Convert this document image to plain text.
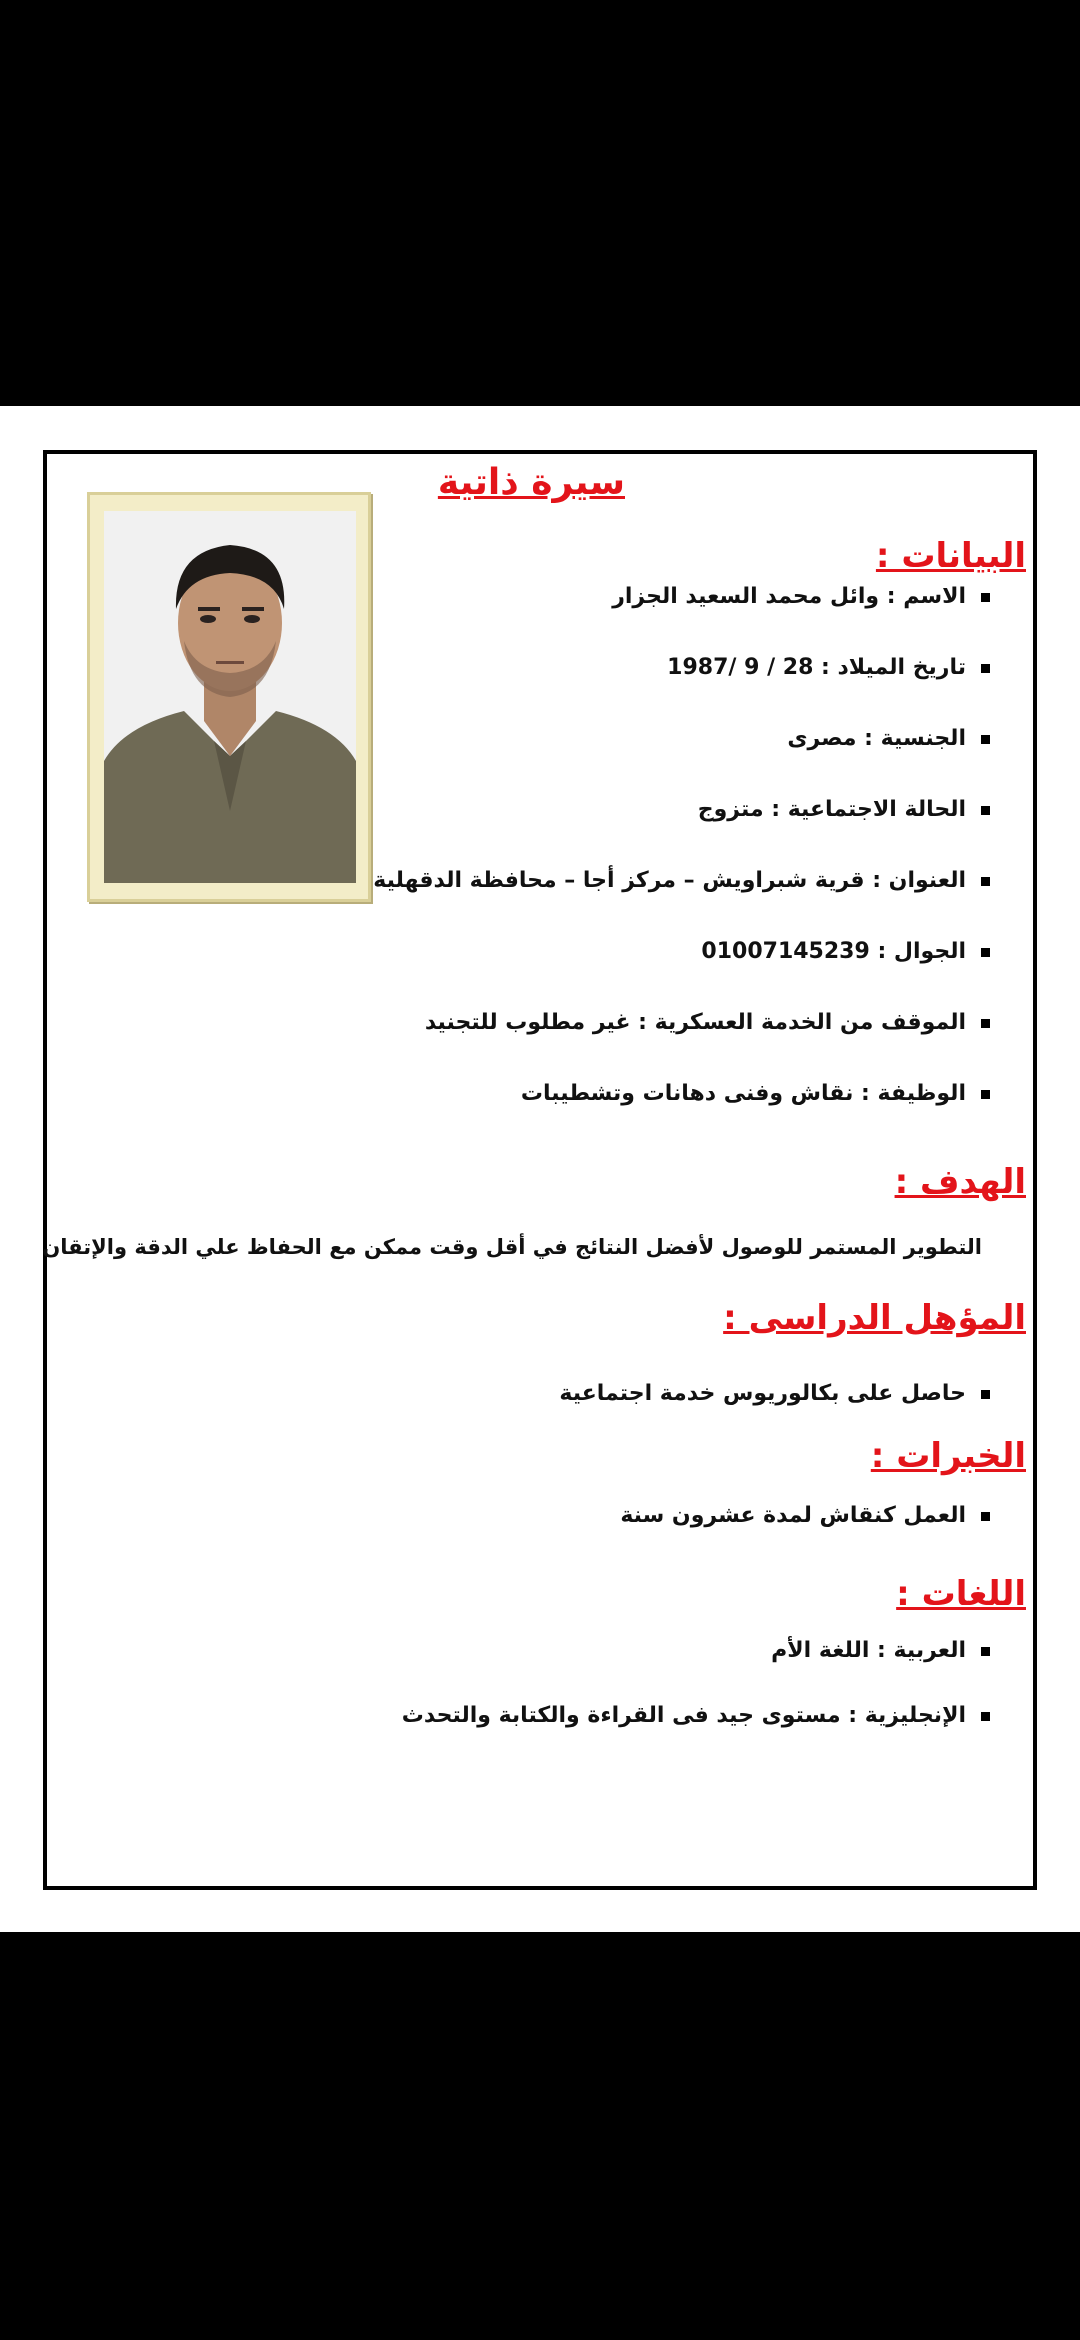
سيرة ذاتية
البيانات :
الاسم : وائل محمد السعيد الجزار
تاريخ الميلاد : 28 / 9 /1987
الجنسية : مصرى
الحالة الاجتماعية : متزوج
العنوان : قرية شبراويش – مركز أجا – محافظة الدقهلية
الجوال : 01007145239
الموقف من الخدمة العسكرية : غير مطلوب للتجنيد
الوظيفة : نقاش وفنى دهانات وتشطيبات
الهدف :
التطوير المستمر للوصول لأفضل النتائج في أقل وقت ممكن مع الحفاظ علي الدقة والإتقان
المؤهل الدراسى :
حاصل على بكالوريوس خدمة اجتماعية
الخبرات :
العمل كنقاش لمدة عشرون سنة
اللغات :
العربية : اللغة الأم
الإنجليزية : مستوى جيد فى القراءة والكتابة والتحدث
